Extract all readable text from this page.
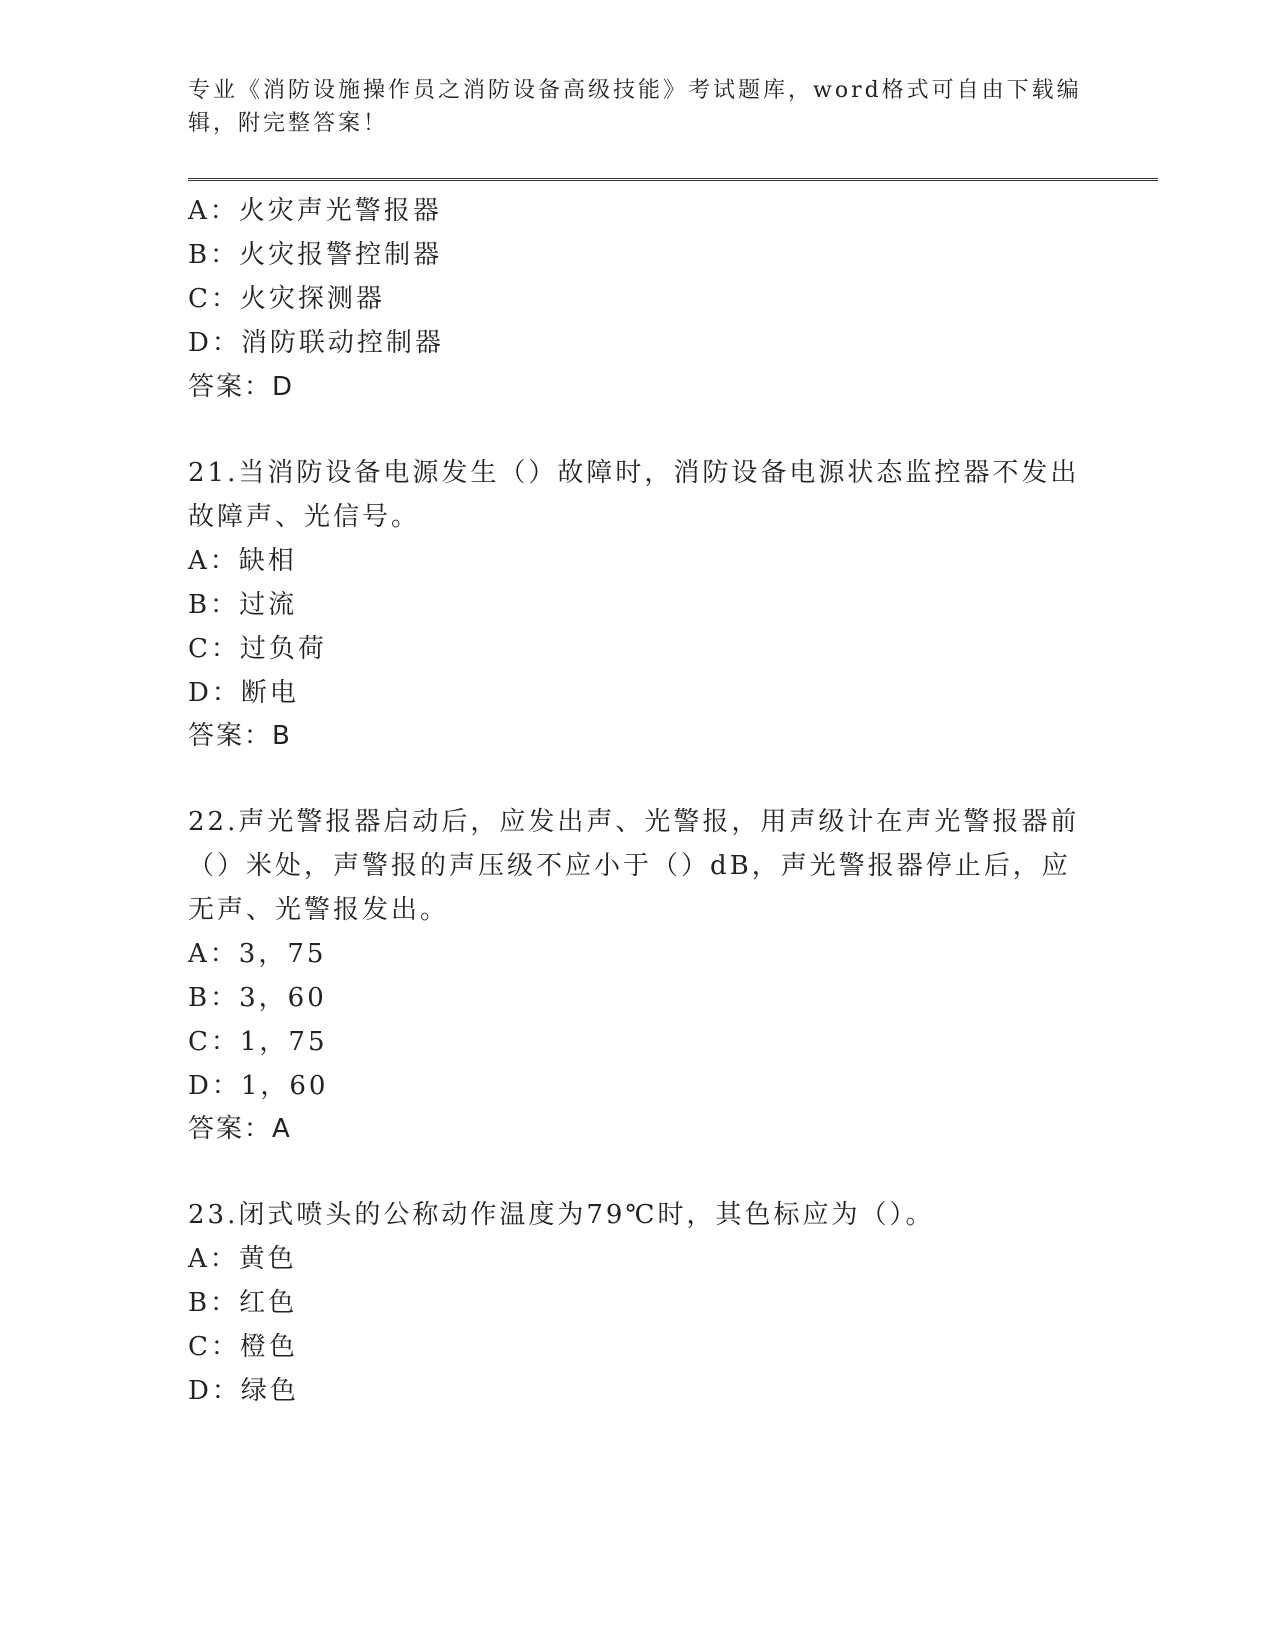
专业《消防设施操作员之消防设备高级技能》考试题库，word格式可自由下载编辑，附完整答案！
A：火灾声光警报器
B：火灾报警控制器
C：火灾探测器
D：消防联动控制器
答案：D
21.当消防设备电源发生（）故障时，消防设备电源状态监控器不发出
故障声、光信号。
A：缺相
B：过流
C：过负荷
D：断电
答案：B
22.声光警报器启动后，应发出声、光警报，用声级计在声光警报器前
（）米处，声警报的声压级不应小于（）dB，声光警报器停止后，应
无声、光警报发出。
A：3，75
B：3，60
C：1，75
D：1，60
答案：A
23.闭式喷头的公称动作温度为79℃时，其色标应为（）。
A：黄色
B：红色
C：橙色
D：绿色
